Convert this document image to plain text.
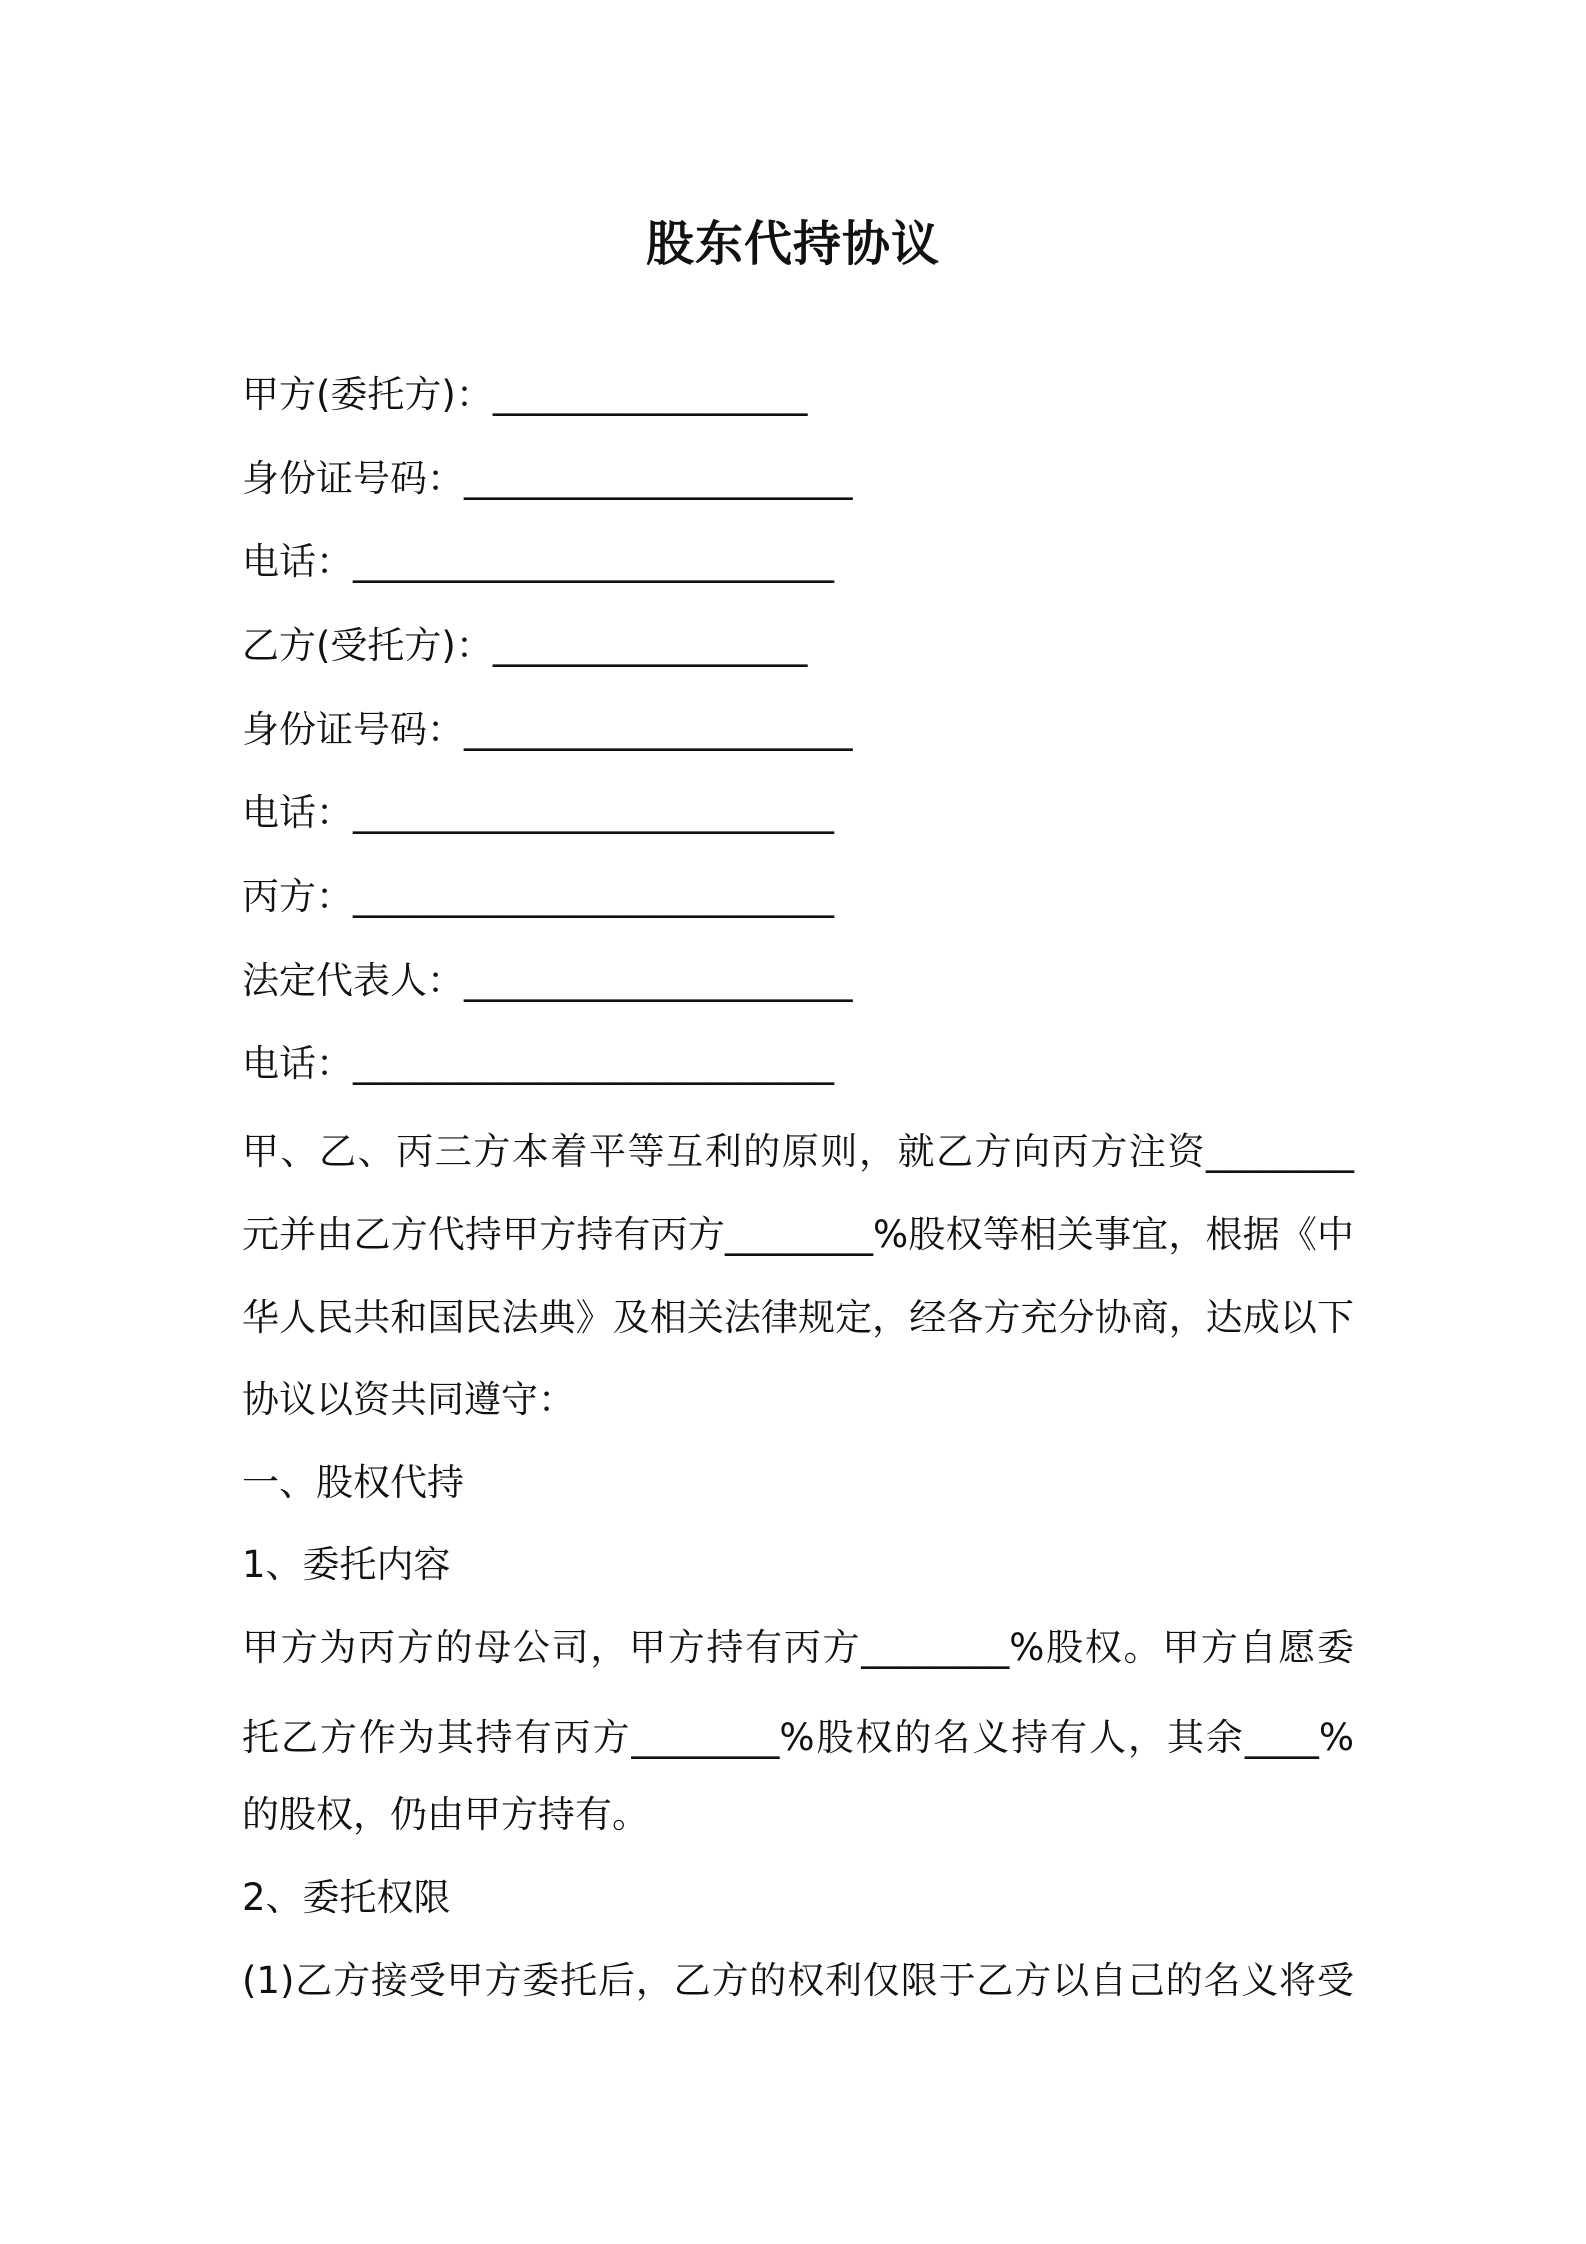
股东代持协议
甲方(委托方)：_________________
身份证号码：_____________________
电话：__________________________
乙方(受托方)：_________________
身份证号码：_____________________
电话：__________________________
丙方：__________________________
法定代表人：_____________________
电话：__________________________
甲、乙、丙三方本着平等互利的原则，就乙方向丙方注资________
元并由乙方代持甲方持有丙方________%股权等相关事宜，根据《中
华人民共和国民法典》及相关法律规定，经各方充分协商，达成以下
协议以资共同遵守：
一、股权代持
1、委托内容
甲方为丙方的母公司，甲方持有丙方________%股权。甲方自愿委
托乙方作为其持有丙方________%股权的名义持有人，其余____%
的股权，仍由甲方持有。
2、委托权限
(1)乙方接受甲方委托后，乙方的权利仅限于乙方以自己的名义将受
